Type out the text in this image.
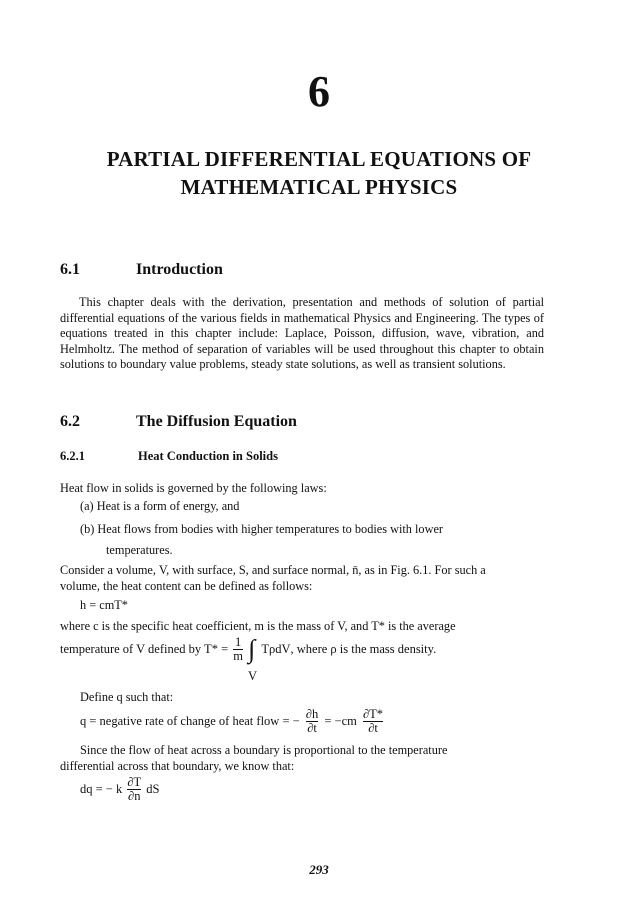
6
PARTIAL DIFFERENTIAL EQUATIONS OF
MATHEMATICAL PHYSICS
6.1	Introduction
This chapter deals with the derivation, presentation and methods of solution of partial differential equations of the various fields in mathematical Physics and Engineering. The types of equations treated in this chapter include: Laplace, Poisson, diffusion, wave, vibration, and Helmholtz. The method of separation of variables will be used throughout this chapter to obtain solutions to boundary value problems, steady state solutions, as well as transient solutions.
6.2	The Diffusion Equation
6.2.1	Heat Conduction in Solids
Heat flow in solids is governed by the following laws:
(a) Heat is a form of energy, and
(b) Heat flows from bodies with higher temperatures to bodies with lower
temperatures.
Consider a volume, V, with surface, S, and surface normal, n̄, as in Fig. 6.1. For such a
volume, the heat content can be defined as follows:
h = cmT*
where c is the specific heat coefficient, m is the mass of V, and T* is the average
temperature of V defined by $T* = \frac{1}{m}$ ∫ TρdV, where ρ is the mass density.
V
Define q such that:
q = negative rate of change of heat flow = − $\frac{\partial h}{\partial t} = -cm \frac{\partial T*}{\partial t}$
Since the flow of heat across a boundary is proportional to the temperature
differential across that boundary, we know that:
dq = − k $\frac{\partial T}{\partial n}$ dS
293
